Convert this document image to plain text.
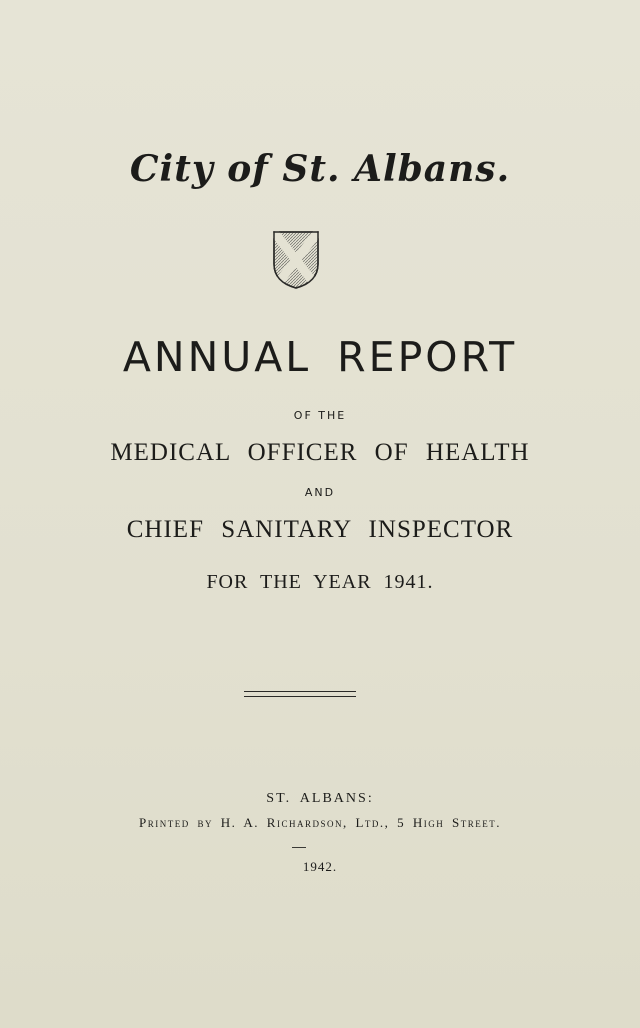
City of St. Albans.
ANNUAL REPORT
OF THE
MEDICAL OFFICER OF HEALTH
AND
CHIEF SANITARY INSPECTOR
FOR THE YEAR 1941.
ST. ALBANS:
Printed by H. A. Richardson, Ltd., 5 High Street.
1942.
